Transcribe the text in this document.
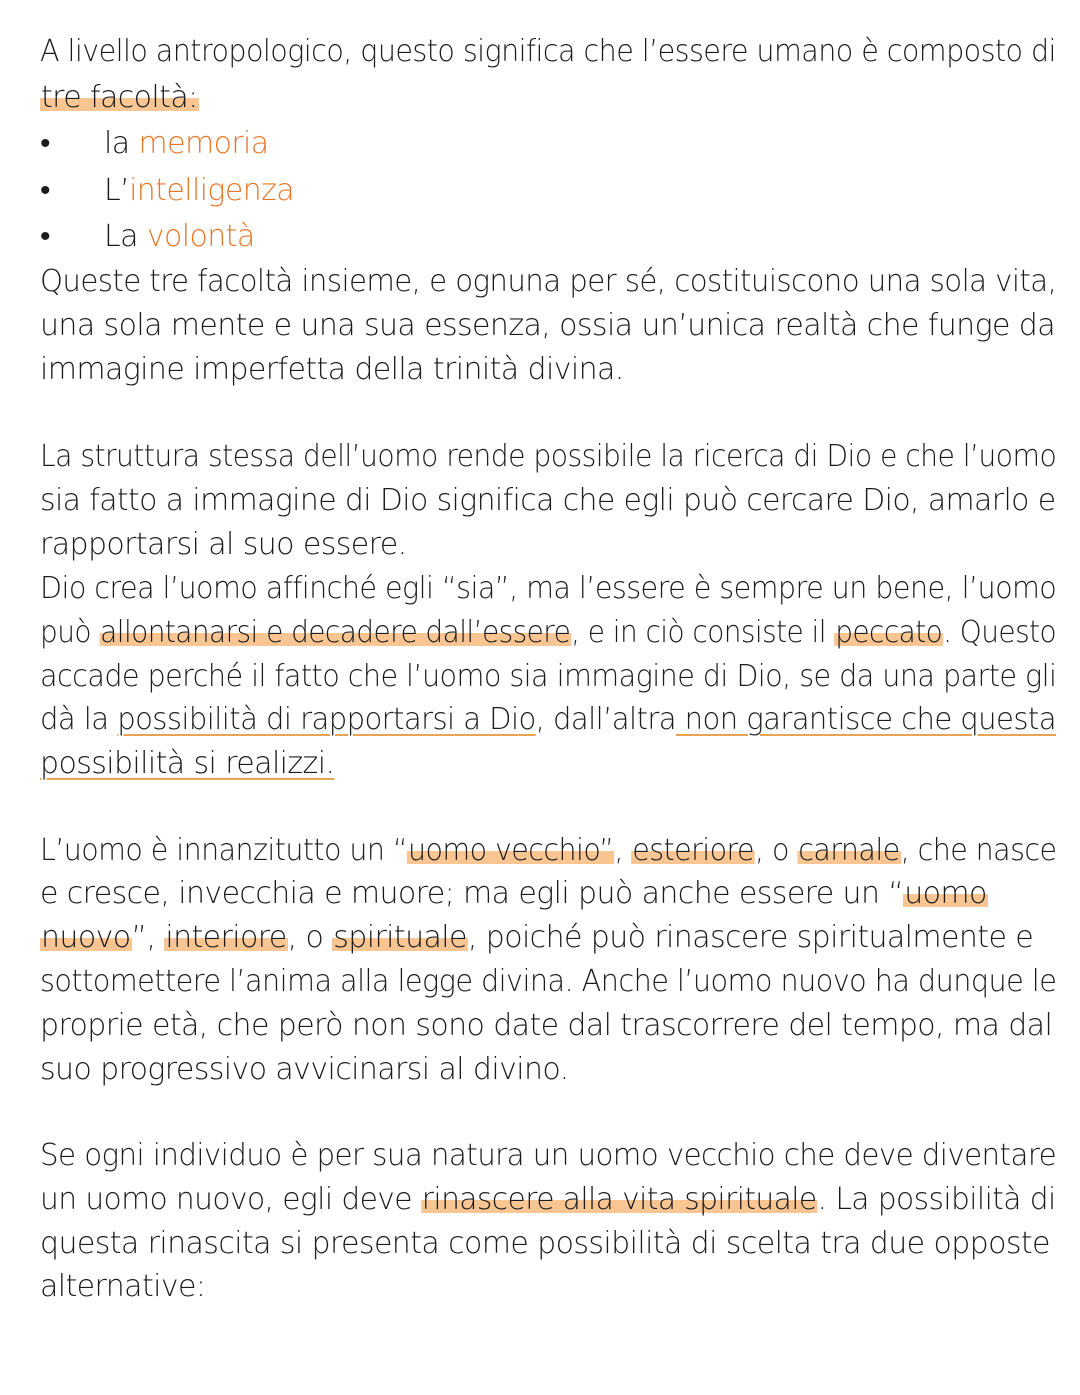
A livello antropologico, questo significa che l’essere umano è composto di
tre facoltà:
•	la memoria
•	L’intelligenza
•	La volontà
Queste tre facoltà insieme, e ognuna per sé, costituiscono una sola vita,
una sola mente e una sua essenza, ossia un’unica realtà che funge da
immagine imperfetta della trinità divina.
La struttura stessa dell’uomo rende possibile la ricerca di Dio e che l’uomo
sia fatto a immagine di Dio significa che egli può cercare Dio, amarlo e
rapportarsi al suo essere.
Dio crea l’uomo affinché egli “sia”, ma l’essere è sempre un bene, l’uomo
può allontanarsi e decadere dall’essere, e in ciò consiste il peccato. Questo
accade perché il fatto che l’uomo sia immagine di Dio, se da una parte gli
dà la possibilità di rapportarsi a Dio, dall’altra non garantisce che questa
possibilità si realizzi.
L’uomo è innanzitutto un “uomo vecchio”, esteriore, o carnale, che nasce
e cresce, invecchia e muore; ma egli può anche essere un “uomo
nuovo”, interiore, o spirituale, poiché può rinascere spiritualmente e
sottomettere l’anima alla legge divina. Anche l’uomo nuovo ha dunque le
proprie età, che però non sono date dal trascorrere del tempo, ma dal
suo progressivo avvicinarsi al divino.
Se ogni individuo è per sua natura un uomo vecchio che deve diventare
un uomo nuovo, egli deve rinascere alla vita spirituale. La possibilità di
questa rinascita si presenta come possibilità di scelta tra due opposte
alternative:
